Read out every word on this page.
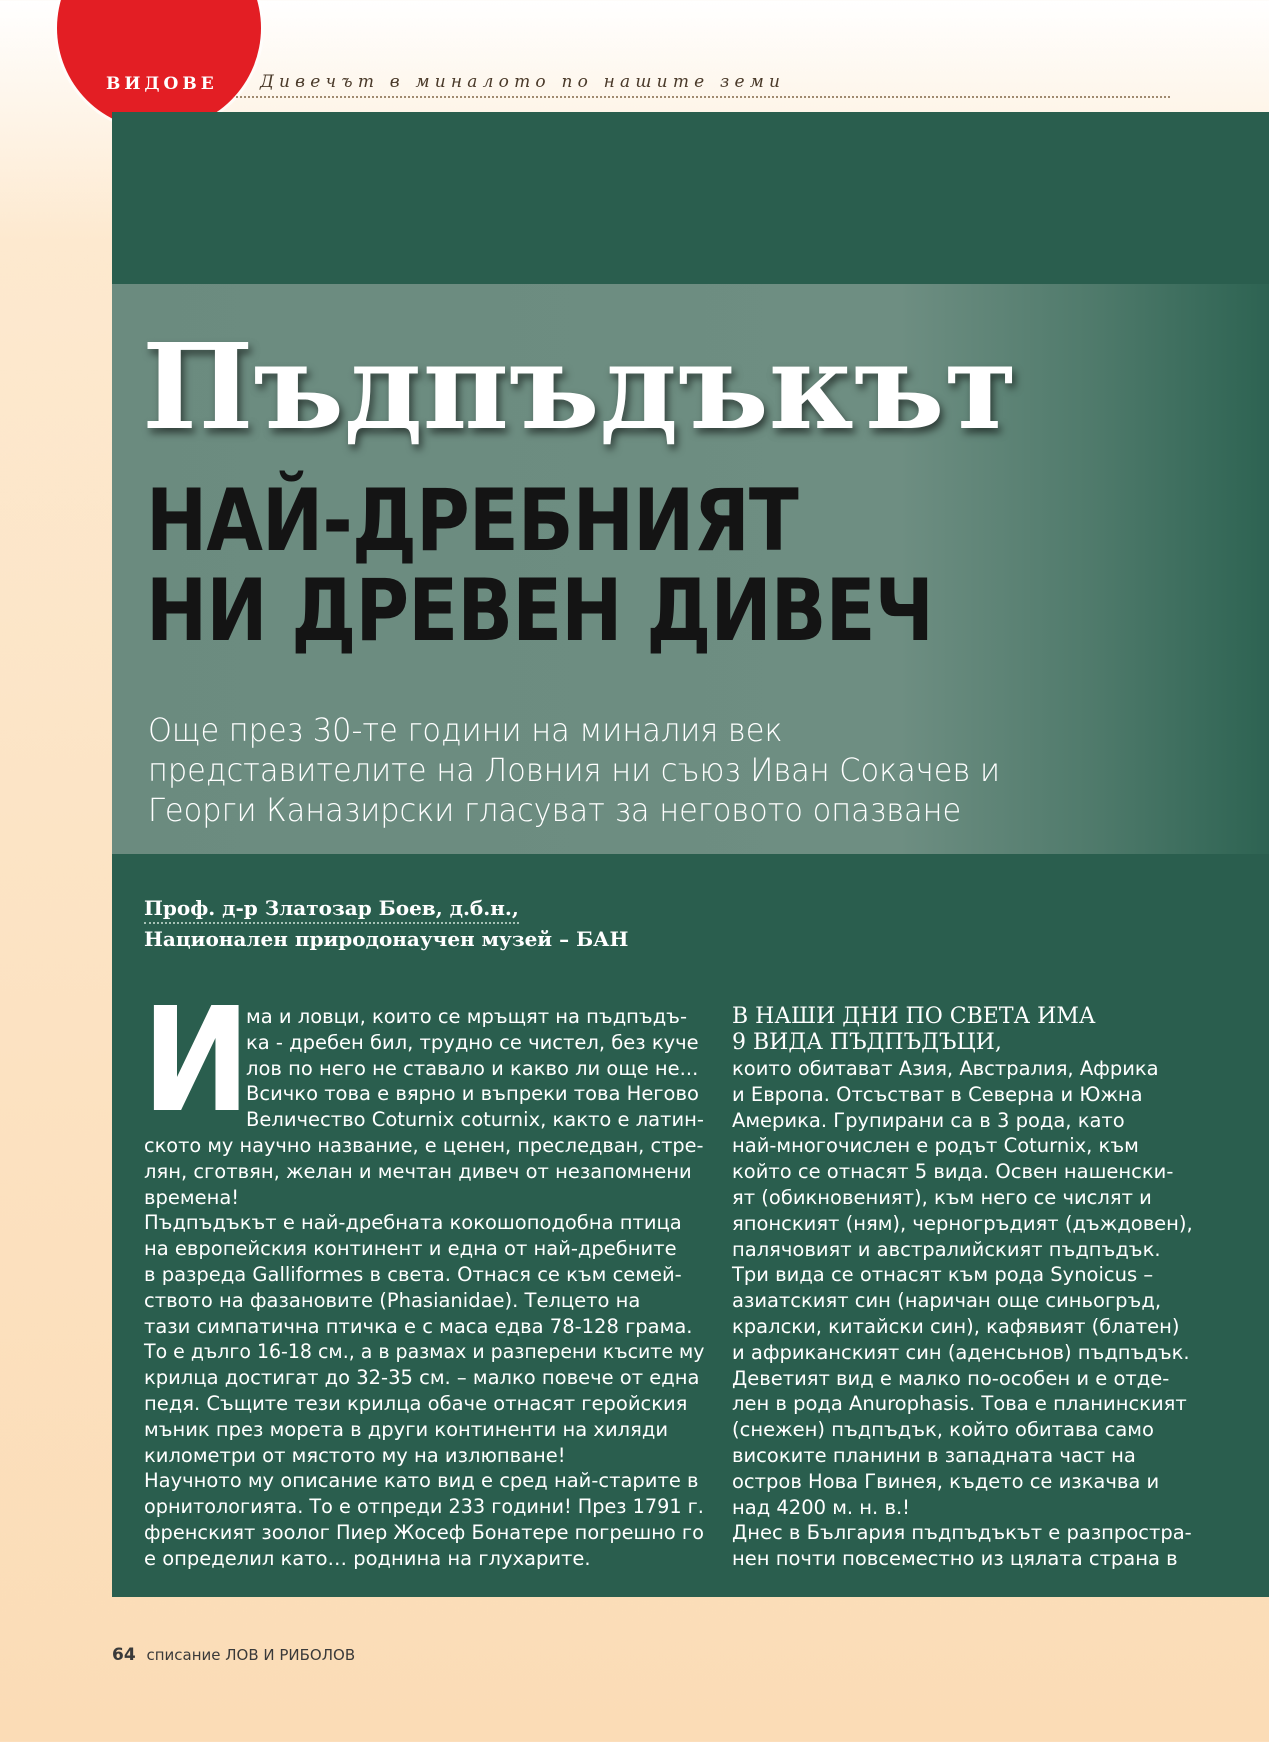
ВИДОВЕ Дивечът в миналото по нашите земи
Пъдпъдъкът
НАЙ-ДРЕБНИЯТ
НИ ДРЕВЕН ДИВЕЧ
Още през 30-те години на миналия век
представителите на Ловния ни съюз Иван Сокачев и
Георги Каназирски гласуват за неговото опазване
Проф. д-р Златозар Боев, д.б.н.,
Национален природонаучен музей – БАН
И
ма и ловци, които се мръщят на пъдпъдъ-
ка - дребен бил, трудно се чистел, без куче
лов по него не ставало и какво ли още не...
Всичко това е вярно и въпреки това Негово
Величество Coturnix coturnix, както е латин-
ското му научно название, е ценен, преследван, стре-
лян, сготвян, желан и мечтан дивеч от незапомнени
времена!
Пъдпъдъкът е най-дребната кокошоподобна птица
на европейския континент и една от най-дребните
в разреда Galliformes в света. Отнася се към семей-
ството на фазановите (Phasianidae). Телцето на
тази симпатична птичка е с маса едва 78-128 грама.
То е дълго 16-18 см., а в размах и разперени късите му
крилца достигат до 32-35 см. – малко повече от една
педя. Същите тези крилца обаче отнасят геройския
мъник през морета в други континенти на хиляди
километри от мястото му на излюпване!
Научното му описание като вид е сред най-старите в
орнитологията. То е отпреди 233 години! През 1791 г.
френският зоолог Пиер Жосеф Бонатере погрешно го
е определил като… роднина на глухарите.
В НАШИ ДНИ ПО СВЕТА ИМА
9 ВИДА ПЪДПЪДЪЦИ,
които обитават Азия, Австралия, Африка
и Европа. Отсъстват в Северна и Южна
Америка. Групирани са в 3 рода, като
най-многочислен е родът Coturnix, към
който се отнасят 5 вида. Освен нашенски-
ят (обикновеният), към него се числят и
японският (ням), черногръдият (дъждовен),
палячовият и австралийският пъдпъдък.
Три вида се отнасят към рода Synoicus –
азиатският син (наричан още синьогръд,
кралски, китайски син), кафявият (блатен)
и африканският син (аденсьнов) пъдпъдък.
Деветият вид е малко по-особен и е отде-
лен в рода Anurophasis. Това е планинският
(снежен) пъдпъдък, който обитава само
високите планини в западната част на
остров Нова Гвинея, където се изкачва и
над 4200 м. н. в.!
Днес в България пъдпъдъкът е разпростра-
нен почти повсеместно из цялата страна в
64 списание ЛОВ И РИБОЛОВ
